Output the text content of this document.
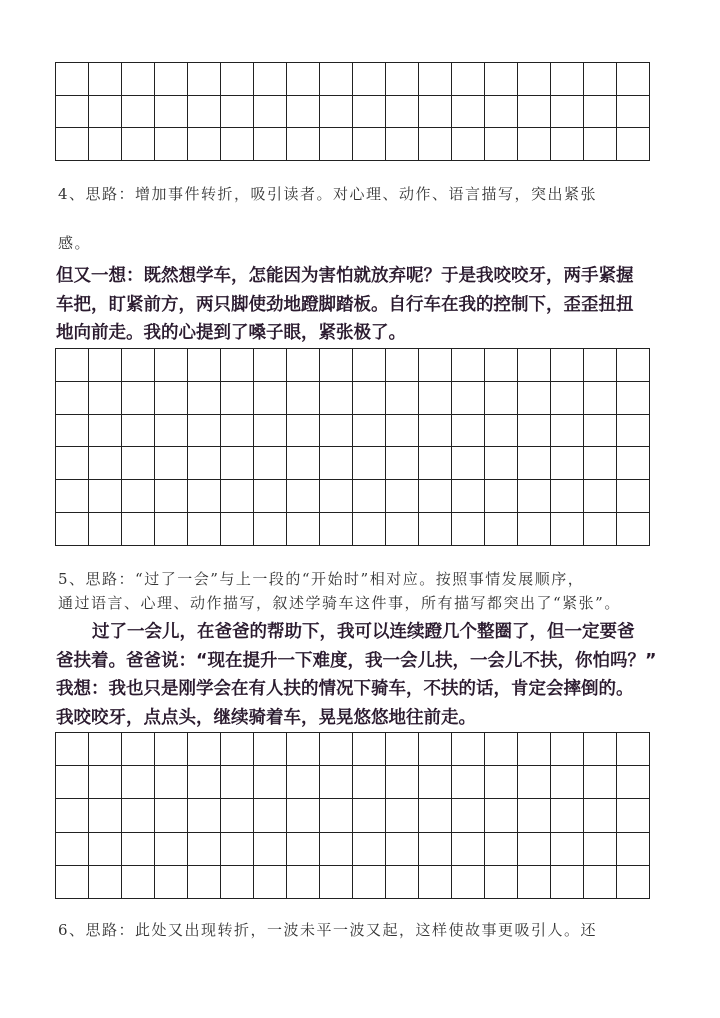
4、思路：增加事件转折，吸引读者。对心理、动作、语言描写，突出紧张
感。

但又一想：既然想学车，怎能因为害怕就放弃呢？于是我咬咬牙，两手紧握

车把，盯紧前方，两只脚使劲地蹬脚踏板。自行车在我的控制下，歪歪扭扭

地向前走。我的心提到了嗓子眼，紧张极了。

5、思路：“过了一会”与上一段的“开始时”相对应。按照事情发展顺序，
通过语言、心理、动作描写，叙述学骑车这件事，所有描写都突出了“紧张”。

过了一会儿，在爸爸的帮助下，我可以连续蹬几个整圈了，但一定要爸

爸扶着。爸爸说：“现在提升一下难度，我一会儿扶，一会儿不扶，你怕吗？”

我想：我也只是刚学会在有人扶的情况下骑车，不扶的话，肯定会摔倒的。

我咬咬牙，点点头，继续骑着车，晃晃悠悠地往前走。

6、思路：此处又出现转折，一波未平一波又起，这样使故事更吸引人。还
